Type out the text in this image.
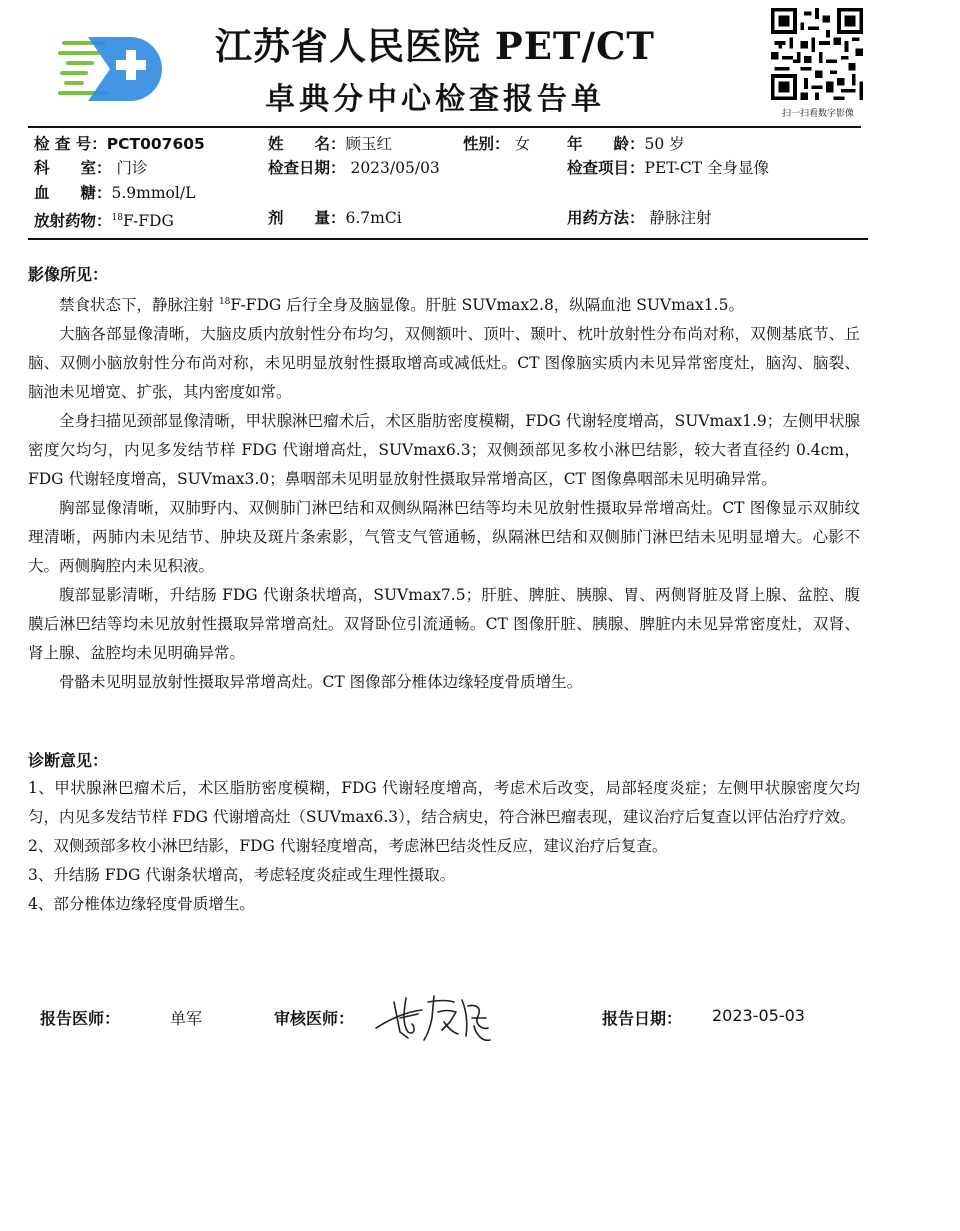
江苏省人民医院 PET/CT
卓典分中心检查报告单	扫一扫看数字影像
检 查 号：PCT007605	姓　　名：顾玉红	性别： 女 年　　龄：50 岁
科　　室： 门诊	检查日期： 2023/05/03	检查项目：PET-CT 全身显像
血　　糖：5.9mmol/L
放射药物：$^{18}$F-FDG	剂　　量：6.7mCi	用药方法： 静脉注射
影像所见：

禁食状态下，静脉注射 $^{18}$F-FDG 后行全身及脑显像。肝脏 SUVmax2.8，纵隔血池 SUVmax1.5。

大脑各部显像清晰，大脑皮质内放射性分布均匀，双侧额叶、顶叶、颞叶、枕叶放射性分布尚对称，双侧基底节、丘脑、双侧小脑放射性分布尚对称，未见明显放射性摄取增高或减低灶。CT 图像脑实质内未见异常密度灶，脑沟、脑裂、脑池未见增宽、扩张，其内密度如常。

全身扫描见颈部显像清晰，甲状腺淋巴瘤术后，术区脂肪密度模糊，FDG 代谢轻度增高，SUVmax1.9；左侧甲状腺密度欠均匀，内见多发结节样 FDG 代谢增高灶，SUVmax6.3；双侧颈部见多枚小淋巴结影，较大者直径约 0.4cm，FDG 代谢轻度增高，SUVmax3.0；鼻咽部未见明显放射性摄取异常增高区，CT 图像鼻咽部未见明确异常。

胸部显像清晰，双肺野内、双侧肺门淋巴结和双侧纵隔淋巴结等均未见放射性摄取异常增高灶。CT 图像显示双肺纹理清晰，两肺内未见结节、肿块及斑片条索影，气管支气管通畅，纵隔淋巴结和双侧肺门淋巴结未见明显增大。心影不大。两侧胸腔内未见积液。

腹部显影清晰，升结肠 FDG 代谢条状增高，SUVmax7.5；肝脏、脾脏、胰腺、胃、两侧肾脏及肾上腺、盆腔、腹膜后淋巴结等均未见放射性摄取异常增高灶。双肾卧位引流通畅。CT 图像肝脏、胰腺、脾脏内未见异常密度灶，双肾、肾上腺、盆腔均未见明确异常。

骨骼未见明显放射性摄取异常增高灶。CT 图像部分椎体边缘轻度骨质增生。

诊断意见：

1、甲状腺淋巴瘤术后，术区脂肪密度模糊，FDG 代谢轻度增高，考虑术后改变，局部轻度炎症；左侧甲状腺密度欠均匀，内见多发结节样 FDG 代谢增高灶（SUVmax6.3），结合病史，符合淋巴瘤表现，建议治疗后复查以评估治疗疗效。

2、双侧颈部多枚小淋巴结影，FDG 代谢轻度增高，考虑淋巴结炎性反应，建议治疗后复查。

3、升结肠 FDG 代谢条状增高，考虑轻度炎症或生理性摄取。

4、部分椎体边缘轻度骨质增生。

报告医师：	单军	审核医师：	报告日期： 2023-05-03
